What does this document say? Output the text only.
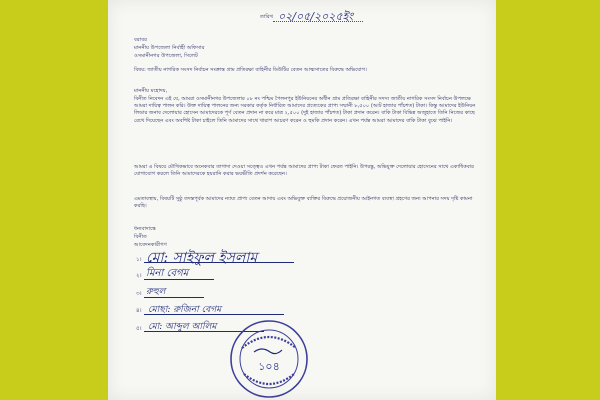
তারিখ ০২/০৫/২০২৫ইং
বরাবর
মাননীয় উপজেলা নির্বাহী অফিসার
ওসমানীনগর উপজেলা, সিলেট
বিষয়: জাতীয় নাগরিক সংসদ নির্বাচন সংক্রান্ত গ্রাম প্রতিরক্ষা বাহিনীর ডিউটির বেতন আত্মসাতের বিরুদ্ধে অভিযোগ।
মাননীয় মহোদয়,
বিনীত নিবেদন এই যে, আমরা ওসমানীনগর উপজেলার ০৮ নং পশ্চিম পৈলনপুর ইউনিয়নের অধীন গ্রাম প্রতিরক্ষা বাহিনীর সদস্য জাতীয় নাগরিক সংসদ নির্বাচন উপলক্ষে আমরা দায়িত্ব পালন করি। উক্ত দায়িত্ব পালনের জন্য সরকার কর্তৃক নির্ধারিত আমাদের প্রত্যেকের প্রাপ্য সম্মানী ৮,৫০০ (আট হাজার পাঁচশত) টাকা। কিন্তু আমাদের ইউনিয়ন লিডার জনাব দেলোয়ার হোসেন আমাদেরকে পূর্ণ বেতন প্রদান না করে মাত্র ২,৫০০ (দুই হাজার পাঁচশত) টাকা প্রদান করেন। বাকি টাকা বিভিন্ন অজুহাতে তিনি নিজের কাছে রেখে দিয়েছেন এবং অবশিষ্ট টাকা চাইলে তিনি আমাদের সাথে খারাপ আচরণ করেন ও হুমকি প্রদান করেন। এখন পর্যন্ত আমরা আমাদের বাকি টাকা বুঝে পাইনি।
আমরা এ বিষয়ে মৌখিকভাবে অনেকবার তাগাদা দেওয়া সত্ত্বেও এখন পর্যন্ত আমাদের প্রাপ্য টাকা ফেরত পাইনি। উপরন্তু, অভিযুক্ত দেলোয়ার হোসেনের সাথে একাধিকবার যোগাযোগ করলে তিনি আমাদেরকে হয়রানি করার ভয়ভীতি প্রদর্শন করেছেন।
এমতাবস্থায়, বিষয়টি সুষ্ঠু তদন্তপূর্বক আমাদের ন্যায্য প্রাপ্য বেতন আদায় এবং অভিযুক্ত ব্যক্তির বিরুদ্ধে প্রয়োজনীয় আইনগত ব্যবস্থা গ্রহণের জন্য আপনার সদয় দৃষ্টি কামনা করছি।
ধন্যবাদান্তে
বিনীত
আবেদনকারীগণ
১। মো: সাইফুল ইসলাম
২। মিনা বেগম
৩। রুহুল
৪। মোছা: রুজিনা বেগম
৫। মো: আব্দুল আলিম
১০৪
